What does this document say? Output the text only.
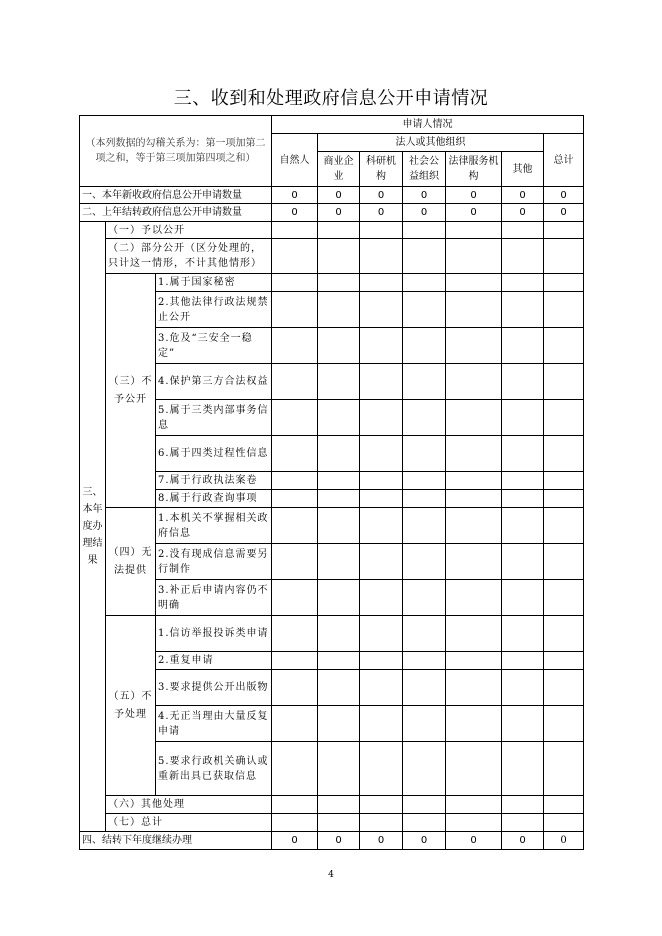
三、收到和处理政府信息公开申请情况
（本列数据的勾稽关系为：第一项加第二项之和，等于第三项加第四项之和）			申请人情况						
			自然人	法人或其他组织					总计
				商业企业	科研机构	社会公益组织	法律服务机构	其他	
一、本年新收政府信息公开申请数量			0	0	0	0	0	0	0
二、上年结转政府信息公开申请数量			0	0	0	0	0	0	0
三、本年度办理结果	（一）予以公开								
	（二）部分公开（区分处理的，只计这一情形，不计其他情形）								
	（三）不予公开	1.属于国家秘密							
		2.其他法律行政法规禁止公开							
		3.危及“三安全一稳定”							
		4.保护第三方合法权益							
		5.属于三类内部事务信息							
		6.属于四类过程性信息							
		7.属于行政执法案卷							
		8.属于行政查询事项							
	（四）无法提供	1.本机关不掌握相关政府信息							
		2.没有现成信息需要另行制作							
		3.补正后申请内容仍不明确							
	（五）不予处理	1.信访举报投诉类申请							
		2.重复申请							
		3.要求提供公开出版物							
		4.无正当理由大量反复申请							
		5.要求行政机关确认或重新出具已获取信息							
	（六）其他处理								
	（七）总计								
四、结转下年度继续办理			0	0	0	0	0	0	0
4
